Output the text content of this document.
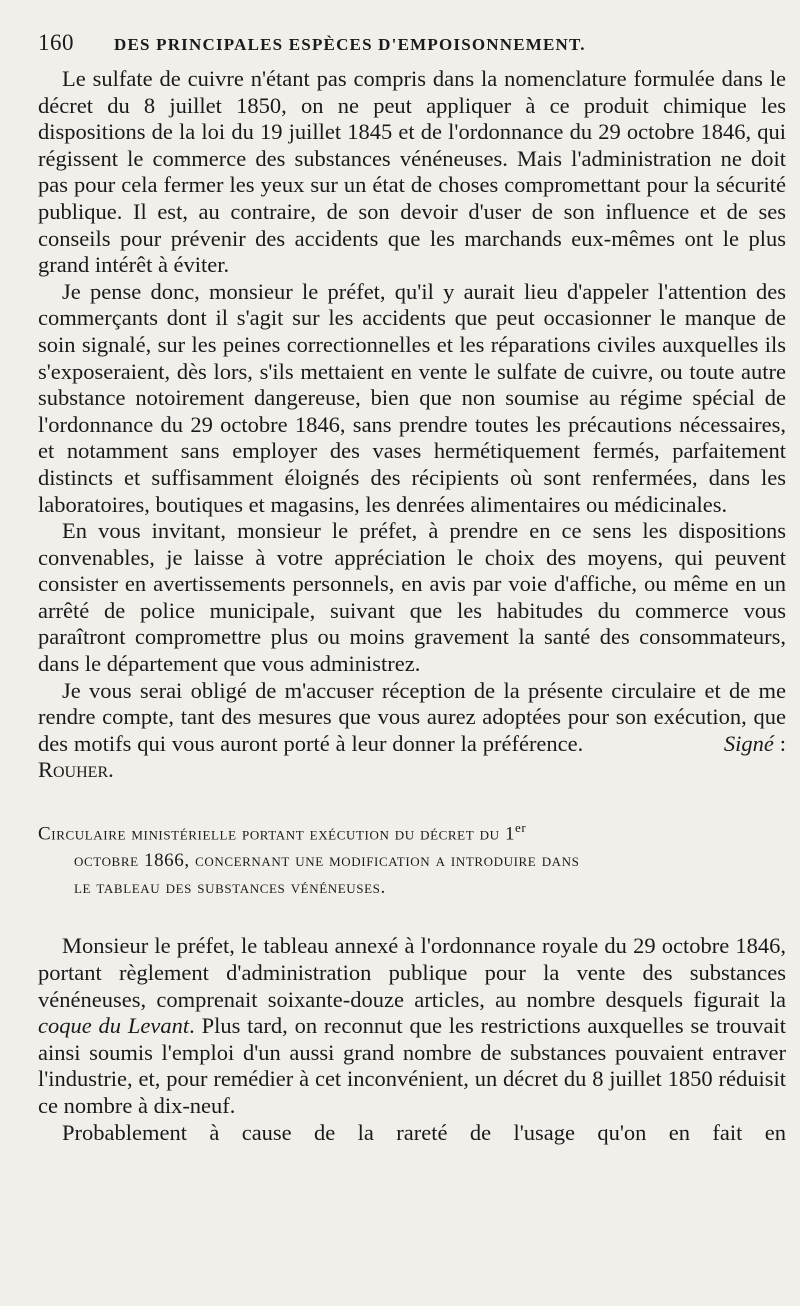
160	DES PRINCIPALES ESPÈCES D'EMPOISONNEMENT.

Le sulfate de cuivre n'étant pas compris dans la nomenclature formulée dans le décret du 8 juillet 1850, on ne peut appliquer à ce produit chimique les dispositions de la loi du 19 juillet 1845 et de l'ordonnance du 29 octobre 1846, qui régissent le commerce des substances vénéneuses. Mais l'administration ne doit pas pour cela fermer les yeux sur un état de choses compromettant pour la sécurité publique. Il est, au contraire, de son devoir d'user de son influence et de ses conseils pour prévenir des accidents que les marchands eux-mêmes ont le plus grand intérêt à éviter.

Je pense donc, monsieur le préfet, qu'il y aurait lieu d'appeler l'attention des commerçants dont il s'agit sur les accidents que peut occasionner le manque de soin signalé, sur les peines correctionnelles et les réparations civiles auxquelles ils s'exposeraient, dès lors, s'ils mettaient en vente le sulfate de cuivre, ou toute autre substance notoirement dangereuse, bien que non soumise au régime spécial de l'ordonnance du 29 octobre 1846, sans prendre toutes les précautions nécessaires, et notamment sans employer des vases hermétiquement fermés, parfaitement distincts et suffisamment éloignés des récipients où sont renfermées, dans les laboratoires, boutiques et magasins, les denrées alimentaires ou médicinales.

En vous invitant, monsieur le préfet, à prendre en ce sens les dispositions convenables, je laisse à votre appréciation le choix des moyens, qui peuvent consister en avertissements personnels, en avis par voie d'affiche, ou même en un arrêté de police municipale, suivant que les habitudes du commerce vous paraîtront compromettre plus ou moins gravement la santé des consommateurs, dans le département que vous administrez.

Je vous serai obligé de m'accuser réception de la présente circulaire et de me rendre compte, tant des mesures que vous aurez adoptées pour son exécution, que des motifs qui vous auront porté à leur donner la préférence.	Signé : Rouher.

Circulaire ministérielle portant exécution du décret du 1er
octobre 1866, concernant une modification a introduire dans
le tableau des substances vénéneuses.

Monsieur le préfet, le tableau annexé à l'ordonnance royale du 29 octobre 1846, portant règlement d'administration publique pour la vente des substances vénéneuses, comprenait soixante-douze articles, au nombre desquels figurait la coque du Levant. Plus tard, on reconnut que les restrictions auxquelles se trouvait ainsi soumis l'emploi d'un aussi grand nombre de substances pouvaient entraver l'industrie, et, pour remédier à cet inconvénient, un décret du 8 juillet 1850 réduisit ce nombre à dix-neuf.

Probablement à cause de la rareté de l'usage qu'on en fait en
